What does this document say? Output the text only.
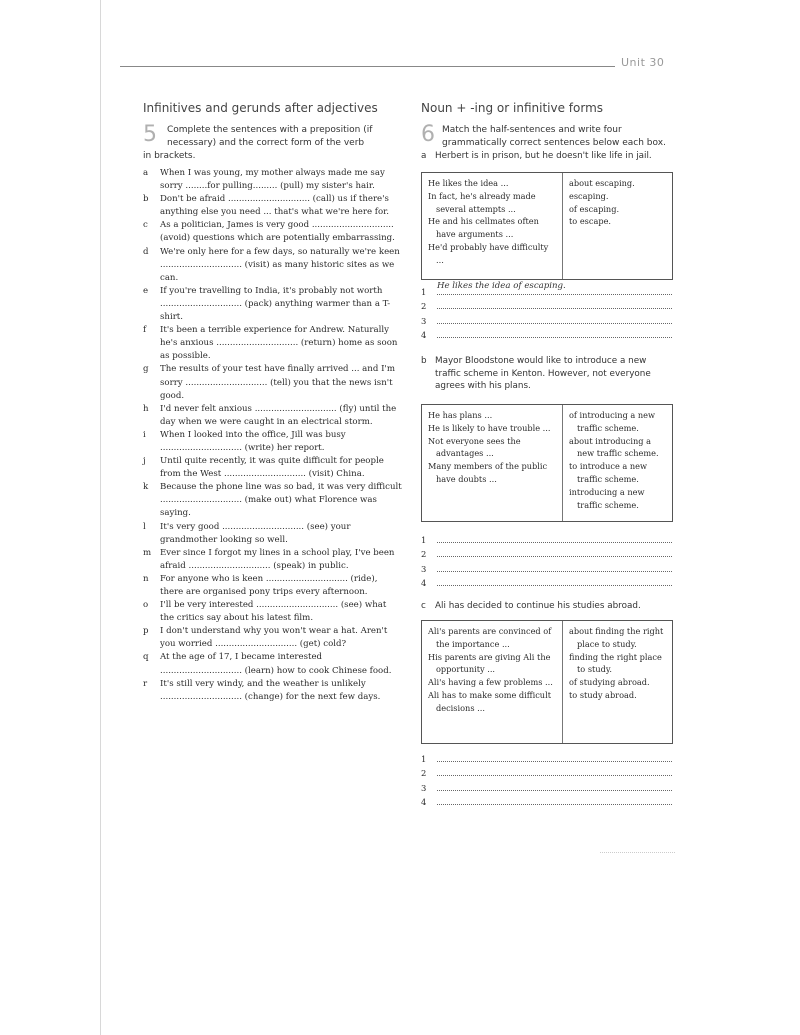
Unit 30
Infinitives and gerunds after adjectives
5 Complete the sentences with a preposition (if
necessary) and the correct form of the verb
in brackets.
a When I was young, my mother always made me say sorry ........for pulling......... (pull) my sister's hair.
b Don't be afraid .............................. (call) us if there's anything else you need ... that's what we're here for.
c As a politician, James is very good .............................. (avoid) questions which are potentially embarrassing.
d We're only here for a few days, so naturally we're keen .............................. (visit) as many historic sites as we can.
e If you're travelling to India, it's probably not worth .............................. (pack) anything warmer than a T-shirt.
f It's been a terrible experience for Andrew. Naturally he's anxious .............................. (return) home as soon as possible.
g The results of your test have finally arrived ... and I'm sorry .............................. (tell) you that the news isn't good.
h I'd never felt anxious .............................. (fly) until the day when we were caught in an electrical storm.
i When I looked into the office, Jill was busy .............................. (write) her report.
j Until quite recently, it was quite difficult for people from the West .............................. (visit) China.
k Because the phone line was so bad, it was very difficult .............................. (make out) what Florence was saying.
l It's very good .............................. (see) your grandmother looking so well.
m Ever since I forgot my lines in a school play, I've been afraid .............................. (speak) in public.
n For anyone who is keen .............................. (ride), there are organised pony trips every afternoon.
o I'll be very interested .............................. (see) what the critics say about his latest film.
p I don't understand why you won't wear a hat. Aren't you worried .............................. (get) cold?
q At the age of 17, I became interested .............................. (learn) how to cook Chinese food.
r It's still very windy, and the weather is unlikely .............................. (change) for the next few days.
Noun + -ing or infinitive forms
6 Match the half-sentences and write four
grammatically correct sentences below each box.
a Herbert is in prison, but he doesn't like life in jail.
He likes the idea ...
In fact, he's already made several attempts ...
He and his cellmates often have arguments ...
He'd probably have difficulty ...
about escaping.
escaping.
of escaping.
to escape.
1
He likes the idea of escaping.
2
3
4
b Mayor Bloodstone would like to introduce a new traffic scheme in Kenton. However, not everyone agrees with his plans.
He has plans ...
He is likely to have trouble ...
Not everyone sees the advantages ...
Many members of the public have doubts ...
of introducing a new traffic scheme.
about introducing a new traffic scheme.
to introduce a new traffic scheme.
introducing a new traffic scheme.
1
2
3
4
c Ali has decided to continue his studies abroad.
Ali's parents are convinced of the importance ...
His parents are giving Ali the opportunity ...
Ali's having a few problems ...
Ali has to make some difficult decisions ...
about finding the right place to study.
finding the right place to study.
of studying abroad.
to study abroad.
1
2
3
4
